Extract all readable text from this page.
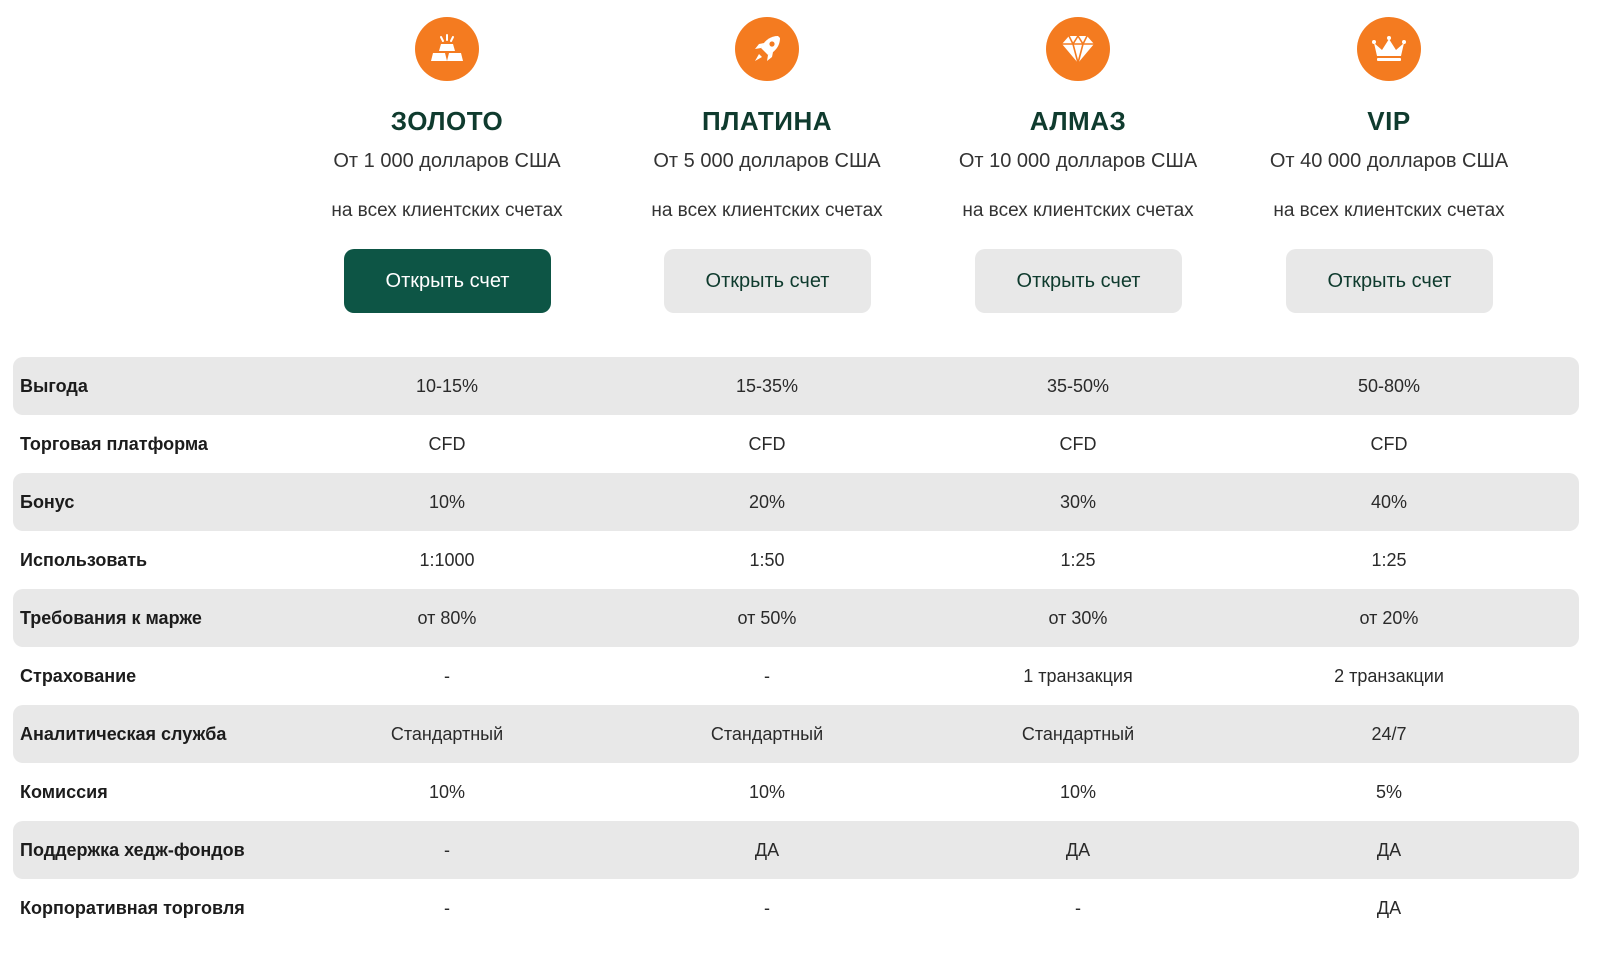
ЗОЛОТО
От 1 000 долларов США
на всех клиентских счетах
Открыть счет
ПЛАТИНА
От 5 000 долларов США
на всех клиентских счетах
Открыть счет
АЛМАЗ
От 10 000 долларов США
на всех клиентских счетах
Открыть счет
VIP
От 40 000 долларов США
на всех клиентских счетах
Открыть счет
Выгода	10-15%	15-35%	35-50%	50-80%
Торговая платформа	CFD	CFD	CFD	CFD
Бонус	10%	20%	30%	40%
Использовать	1:1000	1:50	1:25	1:25
Требования к марже	от 80%	от 50%	от 30%	от 20%
Страхование	-	-	1 транзакция	2 транзакции
Аналитическая служба	Стандартный	Стандартный	Стандартный	24/7
Комиссия	10%	10%	10%	5%
Поддержка хедж-фондов	-	ДА	ДА	ДА
Корпоративная торговля	-	-	-	ДА
